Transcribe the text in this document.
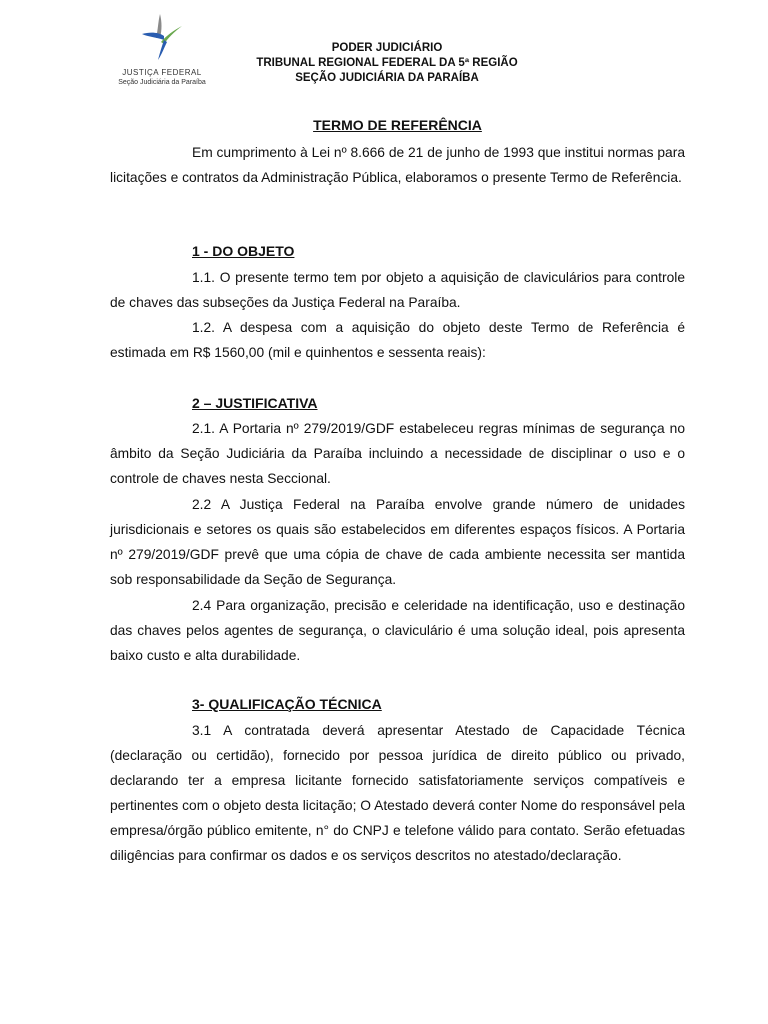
JUSTIÇA FEDERAL
Seção Judiciária da Paraíba
PODER JUDICIÁRIO
TRIBUNAL REGIONAL FEDERAL DA 5ª REGIÃO
SEÇÃO JUDICIÁRIA DA PARAÍBA
TERMO DE REFERÊNCIA

Em cumprimento à Lei nº 8.666 de 21 de junho de 1993 que institui normas para licitações e contratos da Administração Pública, elaboramos o presente Termo de Referência.

1 - DO OBJETO

1.1. O presente termo tem por objeto a aquisição de claviculários para controle de chaves das subseções da Justiça Federal na Paraíba.

1.2. A despesa com a aquisição do objeto deste Termo de Referência é estimada em R$ 1560,00 (mil e quinhentos e sessenta reais):

2 – JUSTIFICATIVA

2.1. A Portaria nº 279/2019/GDF estabeleceu regras mínimas de segurança no âmbito da Seção Judiciária da Paraíba incluindo a necessidade de disciplinar o uso e o controle de chaves nesta Seccional.

2.2 A Justiça Federal na Paraíba envolve grande número de unidades jurisdicionais e setores os quais são estabelecidos em diferentes espaços físicos. A Portaria nº 279/2019/GDF prevê que uma cópia de chave de cada ambiente necessita ser mantida sob responsabilidade da Seção de Segurança.

2.4 Para organização, precisão e celeridade na identificação, uso e destinação das chaves pelos agentes de segurança, o claviculário é uma solução ideal, pois apresenta baixo custo e alta durabilidade.

3- QUALIFICAÇÃO TÉCNICA

3.1 A contratada deverá apresentar Atestado de Capacidade Técnica (declaração ou certidão), fornecido por pessoa jurídica de direito público ou privado, declarando ter a empresa licitante fornecido satisfatoriamente serviços compatíveis e pertinentes com o objeto desta licitação; O Atestado deverá conter Nome do responsável pela empresa/órgão público emitente, n° do CNPJ e telefone válido para contato. Serão efetuadas diligências para confirmar os dados e os serviços descritos no atestado/declaração.
